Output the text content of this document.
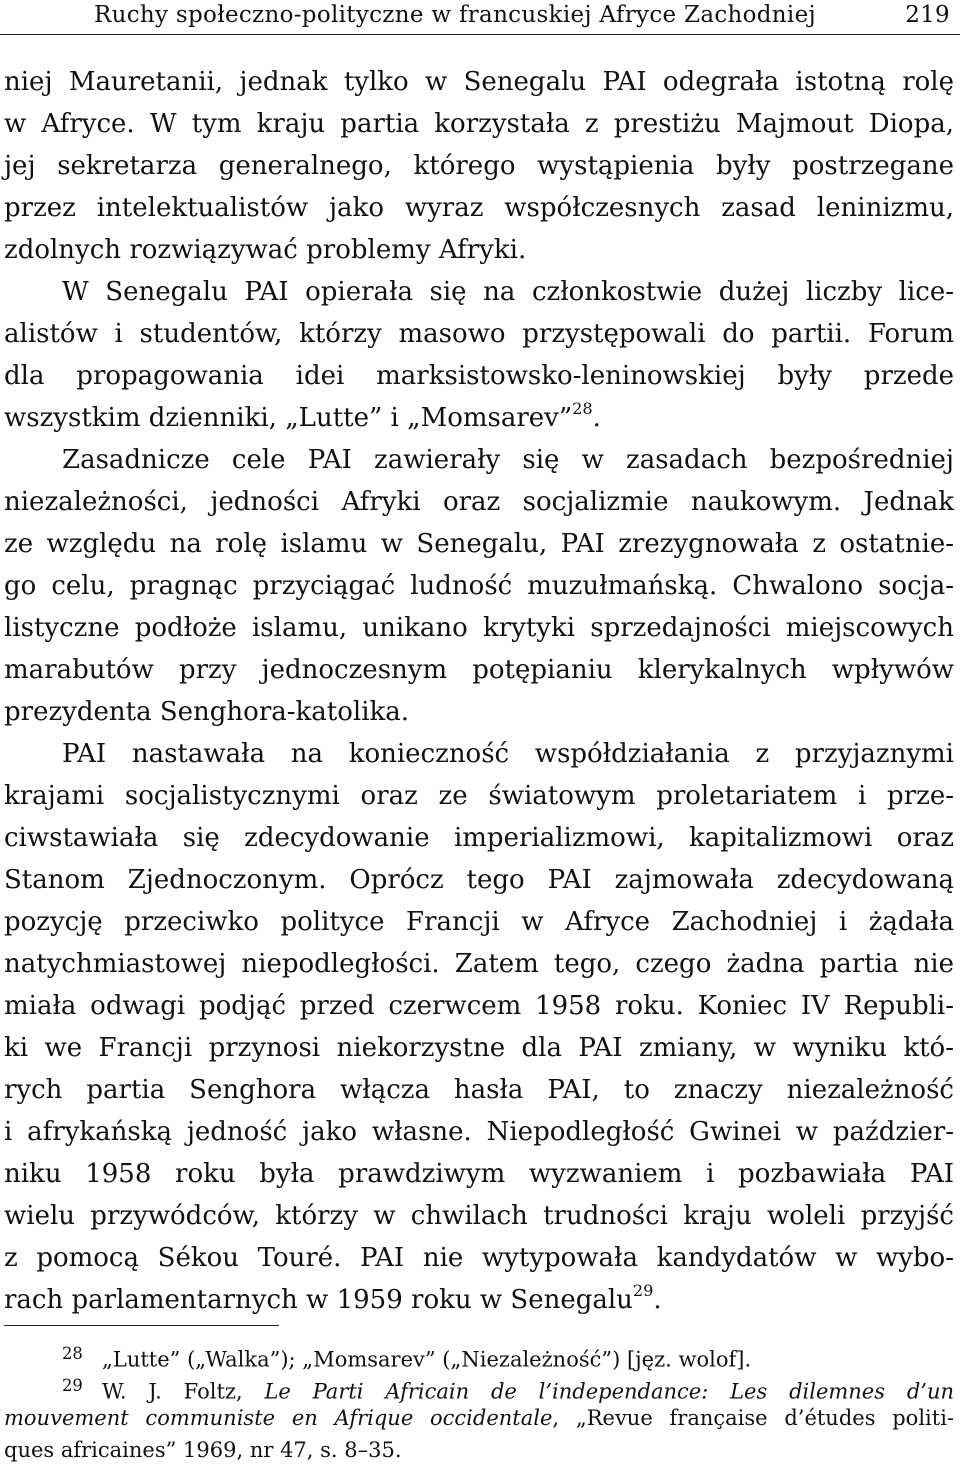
Ruchy społeczno-polityczne w francuskiej Afryce Zachodniej	219
niej Mauretanii, jednak tylko w Senegalu PAI odegrała istotną rolę
w Afryce. W tym kraju partia korzystała z prestiżu Majmout Diopa,
jej sekretarza generalnego, którego wystąpienia były postrzegane
przez intelektualistów jako wyraz współczesnych zasad leninizmu,
zdolnych rozwiązywać problemy Afryki.
W Senegalu PAI opierała się na członkostwie dużej liczby lice-
alistów i studentów, którzy masowo przystępowali do partii. Forum
dla propagowania idei marksistowsko-leninowskiej były przede
wszystkim dzienniki, „Lutte” i „Momsarev”$^{28}$.
Zasadnicze cele PAI zawierały się w zasadach bezpośredniej
niezależności, jedności Afryki oraz socjalizmie naukowym. Jednak
ze względu na rolę islamu w Senegalu, PAI zrezygnowała z ostatnie-
go celu, pragnąc przyciągać ludność muzułmańską. Chwalono socja-
listyczne podłoże islamu, unikano krytyki sprzedajności miejscowych
marabutów przy jednoczesnym potępianiu klerykalnych wpływów
prezydenta Senghora-katolika.
PAI nastawała na konieczność współdziałania z przyjaznymi
krajami socjalistycznymi oraz ze światowym proletariatem i prze-
ciwstawiała się zdecydowanie imperializmowi, kapitalizmowi oraz
Stanom Zjednoczonym. Oprócz tego PAI zajmowała zdecydowaną
pozycję przeciwko polityce Francji w Afryce Zachodniej i żądała
natychmiastowej niepodległości. Zatem tego, czego żadna partia nie
miała odwagi podjąć przed czerwcem 1958 roku. Koniec IV Republi-
ki we Francji przynosi niekorzystne dla PAI zmiany, w wyniku któ-
rych partia Senghora włącza hasła PAI, to znaczy niezależność
i afrykańską jedność jako własne. Niepodległość Gwinei w paździer-
niku 1958 roku była prawdziwym wyzwaniem i pozbawiała PAI
wielu przywódców, którzy w chwilach trudności kraju woleli przyjść
z pomocą Sékou Touré. PAI nie wytypowała kandydatów w wybo-
rach parlamentarnych w 1959 roku w Senegalu$^{29}$.
28 „Lutte” („Walka”); „Momsarev” („Niezależność”) [jęz. wolof].
29 W. J. Foltz, Le Parti Africain de l’independance: Les dilemnes d’un
mouvement communiste en Afrique occidentale, „Revue française d’études politi-
ques africaines” 1969, nr 47, s. 8–35.
